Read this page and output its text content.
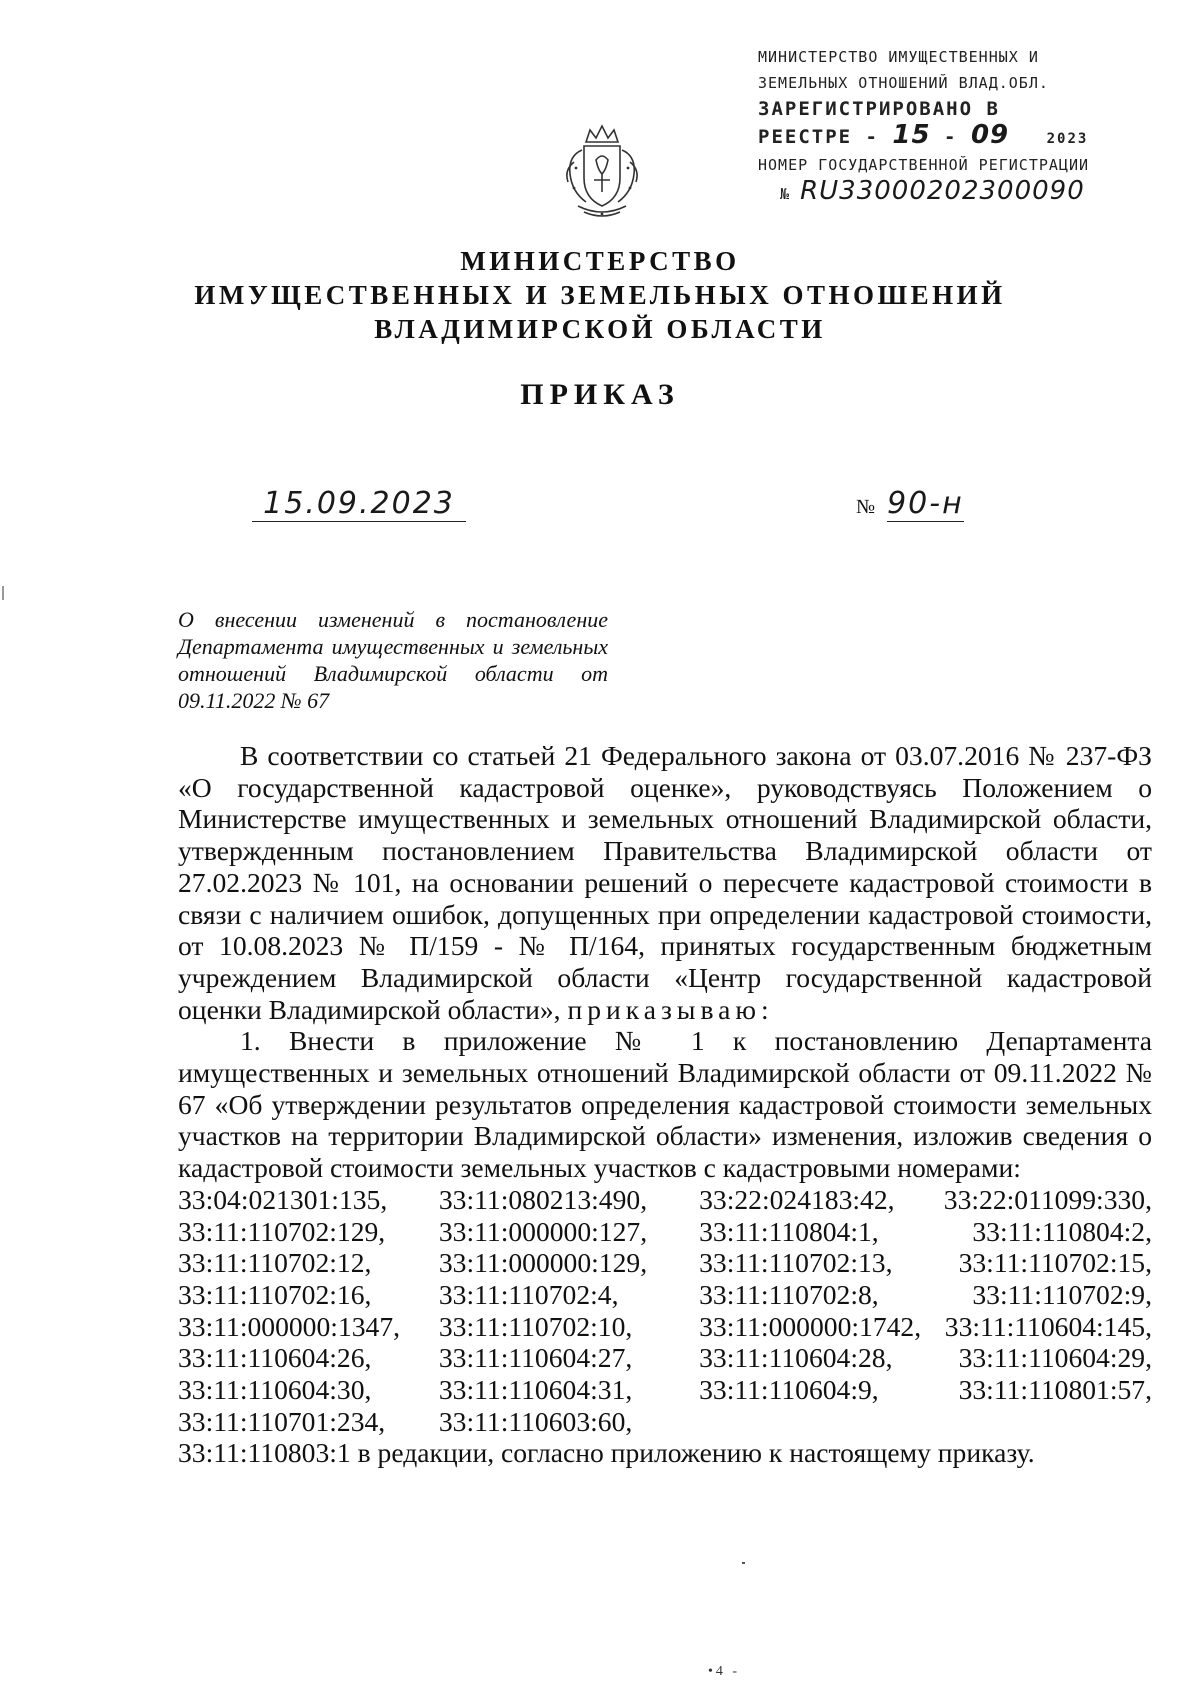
МИНИСТЕРСТВО ИМУЩЕСТВЕННЫХ И
ЗЕМЕЛЬНЫХ ОТНОШЕНИЙ ВЛАД.ОБЛ.
ЗАРЕГИСТРИРОВАНО В
РЕЕСТРЕ - 15 - 09	2023
НОМЕР ГОСУДАРСТВЕННОЙ РЕГИСТРАЦИИ
№ RU33000202300090
МИНИСТЕРСТВО
ИМУЩЕСТВЕННЫХ И ЗЕМЕЛЬНЫХ ОТНОШЕНИЙ
ВЛАДИМИРСКОЙ ОБЛАСТИ
ПРИКАЗ
15.09.2023	№ 90-н
О внесении изменений в постановление Департамента имущественных и земельных отношений Владимирской области от 09.11.2022 № 67

В соответствии со статьей 21 Федерального закона от 03.07.2016 № 237-ФЗ «О государственной кадастровой оценке», руководствуясь Положением о Министерстве имущественных и земельных отношений Владимирской области, утвержденным постановлением Правительства Владимирской области от 27.02.2023 № 101, на основании решений о пересчете кадастровой стоимости в связи с наличием ошибок, допущенных при определении кадастровой стоимости, от 10.08.2023 № П/159 - № П/164, принятых государственным бюджетным учреждением Владимирской области «Центр государственной кадастровой оценки Владимирской области», приказываю:

1. Внести в приложение № 1 к постановлению Департамента имущественных и земельных отношений Владимирской области от 09.11.2022 № 67 «Об утверждении результатов определения кадастровой стоимости земельных участков на территории Владимирской области» изменения, изложив сведения о кадастровой стоимости земельных участков с кадастровыми номерами:

33:04:021301:135,	33:11:080213:490,	33:22:024183:42,	33:22:011099:330,
33:11:110702:129,	33:11:000000:127,	33:11:110804:1,	33:11:110804:2,
33:11:110702:12,	33:11:000000:129,	33:11:110702:13,	33:11:110702:15,
33:11:110702:16,	33:11:110702:4,	33:11:110702:8,	33:11:110702:9,
33:11:000000:1347,	33:11:110702:10,	33:11:000000:1742, 33:11:110604:145,
33:11:110604:26,	33:11:110604:27,	33:11:110604:28,	33:11:110604:29,
33:11:110604:30,	33:11:110604:31,	33:11:110604:9,	33:11:110801:57,
33:11:110701:234,	33:11:110603:60,
33:11:110803:1 в редакции, согласно приложению к настоящему приказу.
•4 -
